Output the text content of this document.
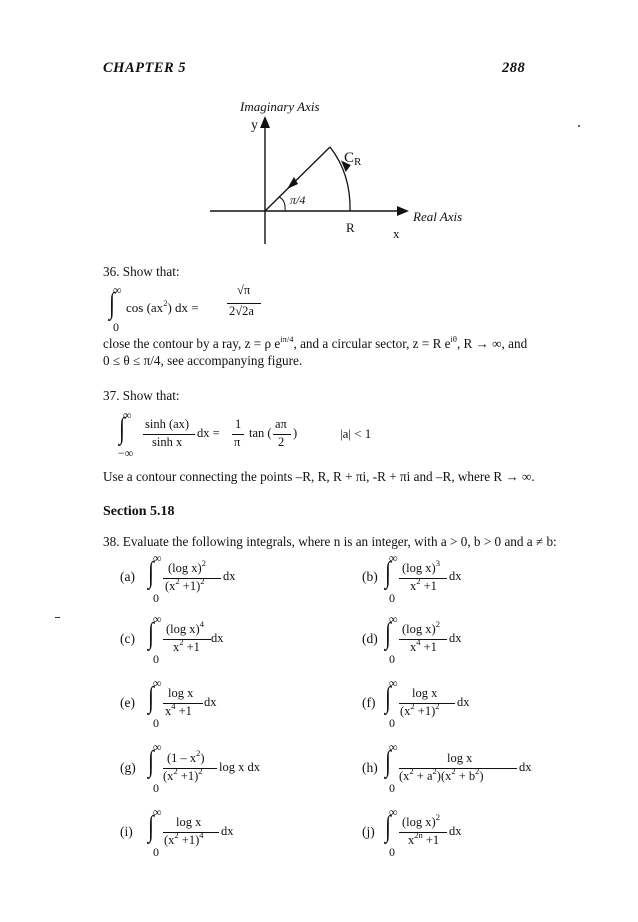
CHAPTER 5	288
Imaginary Axis
y
$C_R$
π/4
R	x
Real Axis
36. Show that:
∞
∫
0
$\cos (ax^2)$ dx =
√π
2√2a
close the contour by a ray, z = ρ $e^{i\pi/4}$, and a circular sector, z = R $e^{i\theta}$, R → ∞, and
0 ≤ θ ≤ π/4, see accompanying figure.
37. Show that:
∞
∫
−∞
sinh (ax)
sinh x
dx =
1
π
tan (
aπ
2
)	|a| < 1
Use a contour connecting the points –R, R, R + πi, -R + πi and –R, where R → ∞.
Section 5.18
38. Evaluate the following integrals, where n is an integer, with a > 0, b > 0 and a ≠ b:
(a)
∞
∫
0
(log x)$^2$
$(x^2 +1)^2$ dx	(b)
∞
∫
0
(log x)$^3$
$x^2 +1$
dx
(c)
∞
∫
0
(log x)$^4$
$x^2 +1$
dx	(d)
∞
∫
0
(log x)$^2$
$x^4 +1$
dx
(e)
∞
∫
0
log x
$x^4 +1$
dx	(f)
∞
∫
0
log x
$(x^2 +1)^2$ dx
(g)
∞
∫
0
$(1 - x^2)$
$(x^2 +1)^2$ log x dx	(h)
∞
∫
0
log x
$(x^2 + a^2)(x^2 + b^2)$
dx
(i)
∞
∫
0
log x
$(x^2 +1)^4$ dx	(j)
∞
∫
0
(log x)$^2$
$x^{2n} +1$
dx
